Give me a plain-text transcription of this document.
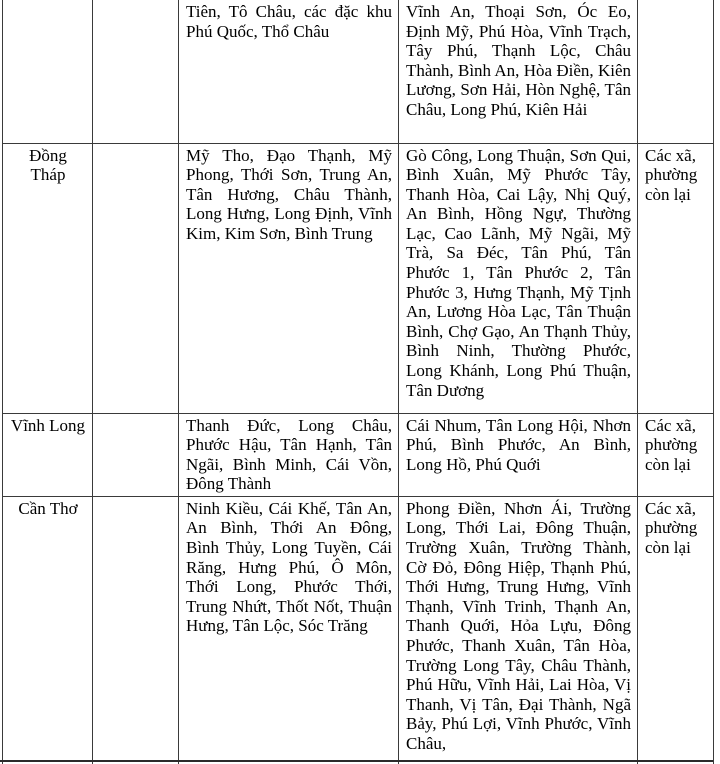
		Tiên, Tô Châu, các đặc khu Phú Quốc, Thổ Châu	Vĩnh An, Thoại Sơn, Óc Eo, Định Mỹ, Phú Hòa, Vĩnh Trạch, Tây Phú, Thạnh Lộc, Châu Thành, Bình An, Hòa Điền, Kiên Lương, Sơn Hải, Hòn Nghệ, Tân Châu, Long Phú, Kiên Hải	
Đồng Tháp		Mỹ Tho, Đạo Thạnh, Mỹ Phong, Thới Sơn, Trung An, Tân Hương, Châu Thành, Long Hưng, Long Định, Vĩnh Kim, Kim Sơn, Bình Trung	Gò Công, Long Thuận, Sơn Qui, Bình Xuân, Mỹ Phước Tây, Thanh Hòa, Cai Lậy, Nhị Quý, An Bình, Hồng Ngự, Thường Lạc, Cao Lãnh, Mỹ Ngãi, Mỹ Trà, Sa Đéc, Tân Phú, Tân Phước 1, Tân Phước 2, Tân Phước 3, Hưng Thạnh, Mỹ Tịnh An, Lương Hòa Lạc, Tân Thuận Bình, Chợ Gạo, An Thạnh Thủy, Bình Ninh, Thường Phước, Long Khánh, Long Phú Thuận, Tân Dương	Các xã, phường còn lại
Vĩnh Long		Thanh Đức, Long Châu, Phước Hậu, Tân Hạnh, Tân Ngãi, Bình Minh, Cái Vồn, Đông Thành	Cái Nhum, Tân Long Hội, Nhơn Phú, Bình Phước, An Bình, Long Hồ, Phú Quới	Các xã, phường còn lại
Cần Thơ		Ninh Kiều, Cái Khế, Tân An, An Bình, Thới An Đông, Bình Thủy, Long Tuyền, Cái Răng, Hưng Phú, Ô Môn, Thới Long, Phước Thới, Trung Nhứt, Thốt Nốt, Thuận Hưng, Tân Lộc, Sóc Trăng	Phong Điền, Nhơn Ái, Trường Long, Thới Lai, Đông Thuận, Trường Xuân, Trường Thành, Cờ Đỏ, Đông Hiệp, Thạnh Phú, Thới Hưng, Trung Hưng, Vĩnh Thạnh, Vĩnh Trinh, Thạnh An, Thanh Quới, Hỏa Lựu, Đông Phước, Thanh Xuân, Tân Hòa, Trường Long Tây, Châu Thành, Phú Hữu, Vĩnh Hải, Lai Hòa, Vị Thanh, Vị Tân, Đại Thành, Ngã Bảy, Phú Lợi, Vĩnh Phước, Vĩnh Châu,	Các xã, phường còn lại
